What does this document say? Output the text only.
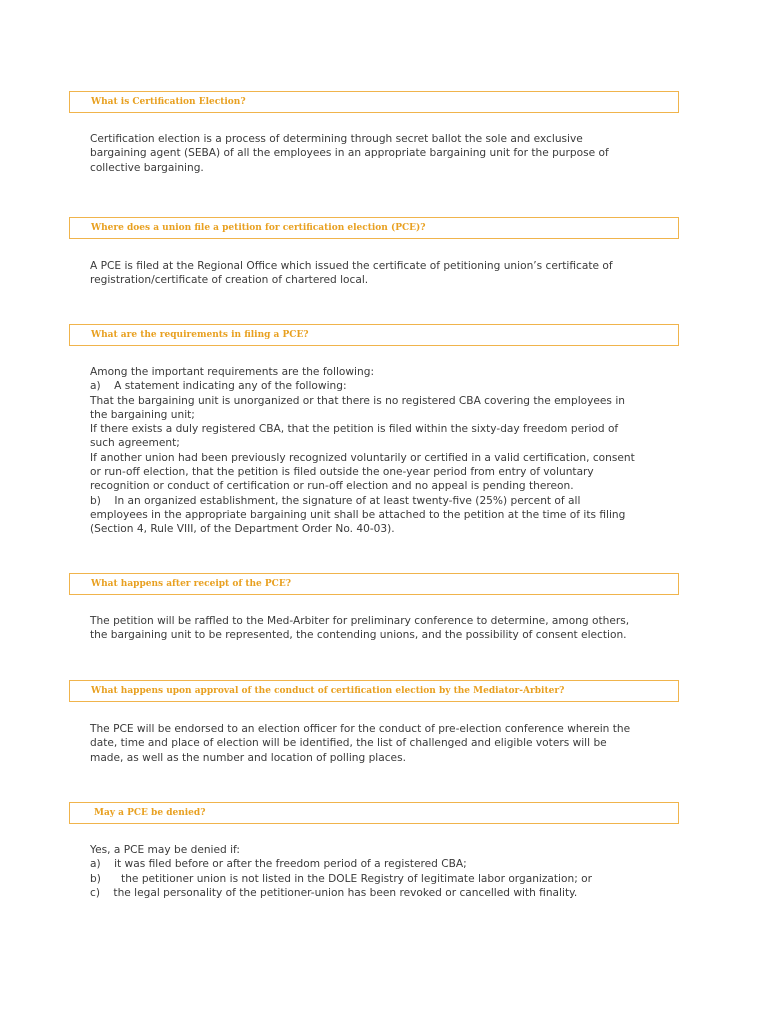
What is Certification Election?
Certification election is a process of determining through secret ballot the sole and exclusive
bargaining agent (SEBA) of all the employees in an appropriate bargaining unit for the purpose of
collective bargaining.
Where does a union file a petition for certification election (PCE)?
A PCE is filed at the Regional Office which issued the certificate of petitioning union’s certificate of
registration/certificate of creation of chartered local.
What are the requirements in filing a PCE?
Among the important requirements are the following:
a)    A statement indicating any of the following:
That the bargaining unit is unorganized or that there is no registered CBA covering the employees in
the bargaining unit;
If there exists a duly registered CBA, that the petition is filed within the sixty-day freedom period of
such agreement;
If another union had been previously recognized voluntarily or certified in a valid certification, consent
or run-off election, that the petition is filed outside the one-year period from entry of voluntary
recognition or conduct of certification or run-off election and no appeal is pending thereon.
b)    In an organized establishment, the signature of at least twenty-five (25%) percent of all
employees in the appropriate bargaining unit shall be attached to the petition at the time of its filing
(Section 4, Rule VIII, of the Department Order No. 40-03).
What happens after receipt of the PCE?
The petition will be raffled to the Med-Arbiter for preliminary conference to determine, among others,
the bargaining unit to be represented, the contending unions, and the possibility of consent election.
What happens upon approval of the conduct of certification election by the Mediator-Arbiter?
The PCE will be endorsed to an election officer for the conduct of pre-election conference wherein the
date, time and place of election will be identified, the list of challenged and eligible voters will be
made, as well as the number and location of polling places.
May a PCE be denied?
Yes, a PCE may be denied if:
a)    it was filed before or after the freedom period of a registered CBA;
b)      the petitioner union is not listed in the DOLE Registry of legitimate labor organization; or
c)    the legal personality of the petitioner-union has been revoked or cancelled with finality.
